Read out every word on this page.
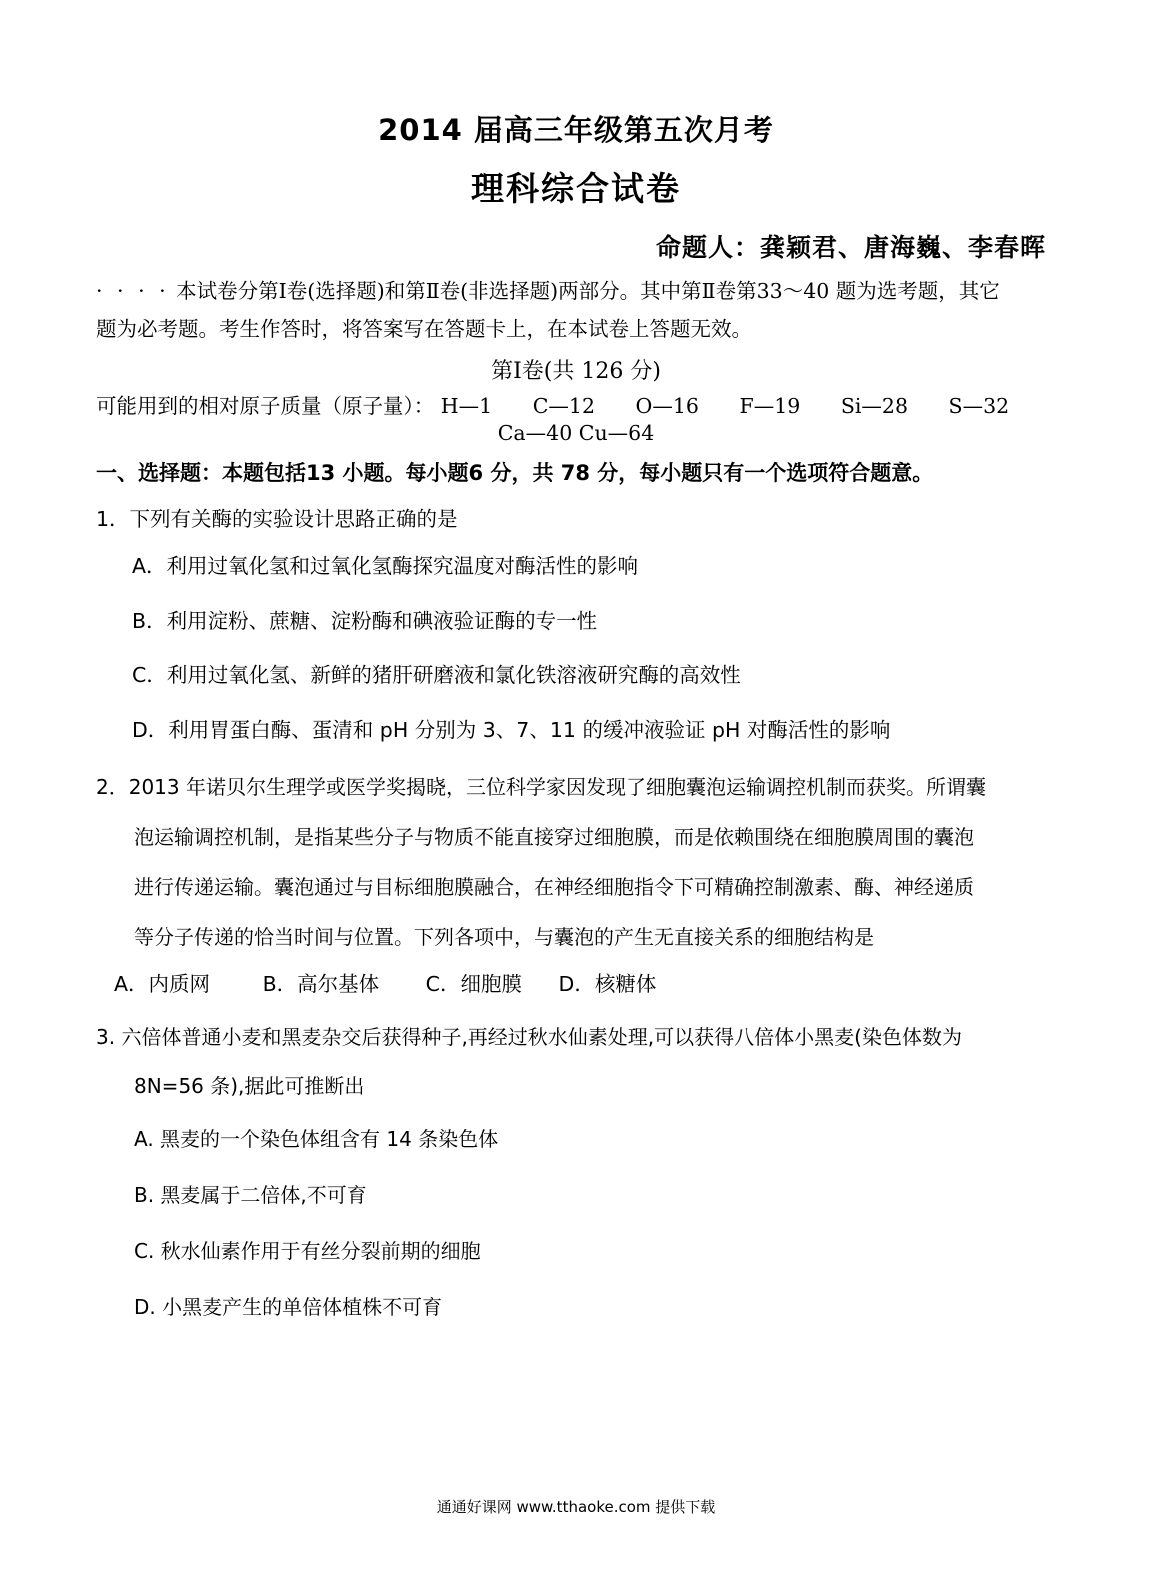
2014 届高三年级第五次月考
理科综合试卷
命题人：龚颖君、唐海巍、李春晖
· · · · 本试卷分第Ⅰ卷(选择题)和第Ⅱ卷(非选择题)两部分。其中第Ⅱ卷第33～40 题为选考题，其它
题为必考题。考生作答时，将答案写在答题卡上，在本试卷上答题无效。
第Ⅰ卷(共 126 分)
可能用到的相对原子质量（原子量）： H—1 C—12 O—16 F—19 Si—28 S—32
Ca—40 Cu—64
一、选择题：本题包括13 小题。每小题6 分，共 78 分，每小题只有一个选项符合题意。
1．下列有关酶的实验设计思路正确的是
A．利用过氧化氢和过氧化氢酶探究温度对酶活性的影响
B．利用淀粉、蔗糖、淀粉酶和碘液验证酶的专一性
C．利用过氧化氢、新鲜的猪肝研磨液和氯化铁溶液研究酶的高效性
D．利用胃蛋白酶、蛋清和 pH 分别为 3、7、11 的缓冲液验证 pH 对酶活性的影响
2．2013 年诺贝尔生理学或医学奖揭晓，三位科学家因发现了细胞囊泡运输调控机制而获奖。所谓囊
泡运输调控机制，是指某些分子与物质不能直接穿过细胞膜，而是依赖围绕在细胞膜周围的囊泡
进行传递运输。囊泡通过与目标细胞膜融合，在神经细胞指令下可精确控制激素、酶、神经递质
等分子传递的恰当时间与位置。下列各项中，与囊泡的产生无直接关系的细胞结构是
A．内质网	B．高尔基体 C．细胞膜 D．核糖体
3. 六倍体普通小麦和黑麦杂交后获得种子,再经过秋水仙素处理,可以获得八倍体小黑麦(染色体数为
8N=56 条),据此可推断出
A. 黑麦的一个染色体组含有 14 条染色体
B. 黑麦属于二倍体,不可育
C. 秋水仙素作用于有丝分裂前期的细胞
D. 小黑麦产生的单倍体植株不可育
通通好课网 www.tthaoke.com 提供下载
